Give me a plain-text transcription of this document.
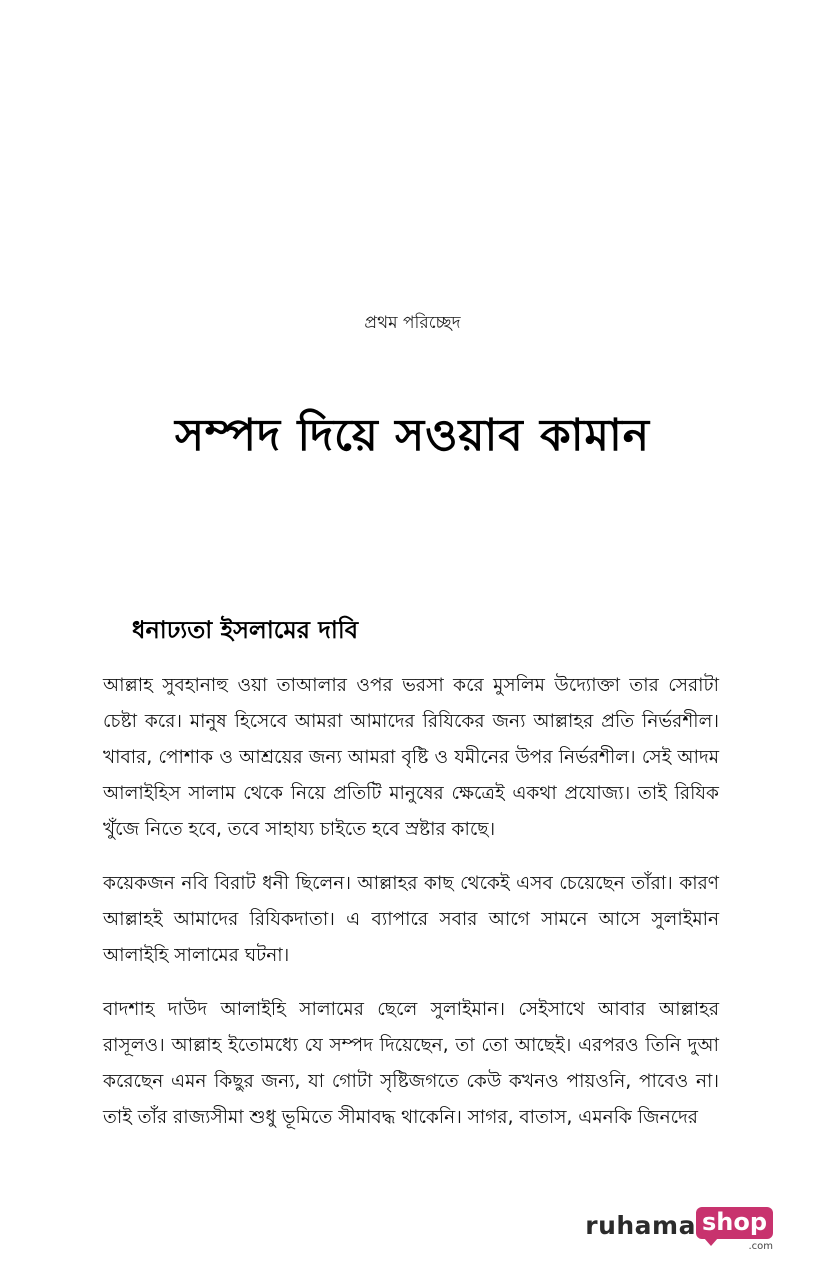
প্রথম পরিচ্ছেদ
সম্পদ দিয়ে সওয়াব কামান
ধনাঢ্যতা ইসলামের দাবি

আল্লাহ সুবহানাহু ওয়া তাআলার ওপর ভরসা করে মুসলিম উদ্যোক্তা তার সেরাটা চেষ্টা করে। মানুষ হিসেবে আমরা আমাদের রিযিকের জন্য আল্লাহর প্রতি নির্ভরশীল। খাবার, পোশাক ও আশ্রয়ের জন্য আমরা বৃষ্টি ও যমীনের উপর নির্ভরশীল। সেই আদম আলাইহিস সালাম থেকে নিয়ে প্রতিটি মানুষের ক্ষেত্রেই একথা প্রযোজ্য। তাই রিযিক খুঁজে নিতে হবে, তবে সাহায্য চাইতে হবে স্রষ্টার কাছে।

কয়েকজন নবি বিরাট ধনী ছিলেন। আল্লাহর কাছ থেকেই এসব চেয়েছেন তাঁরা। কারণ আল্লাহই আমাদের রিযিকদাতা। এ ব্যাপারে সবার আগে সামনে আসে সুলাইমান আলাইহি সালামের ঘটনা।

বাদশাহ দাউদ আলাইহি সালামের ছেলে সুলাইমান। সেইসাথে আবার আল্লাহর রাসূলও। আল্লাহ ইতোমধ্যে যে সম্পদ দিয়েছেন, তা তো আছেই। এরপরও তিনি দুআ করেছেন এমন কিছুর জন্য, যা গোটা সৃষ্টিজগতে কেউ কখনও পায়ওনি, পাবেও না। তাই তাঁর রাজ্যসীমা শুধু ভূমিতে সীমাবদ্ধ থাকেনি। সাগর, বাতাস, এমনকি জিনদের

ruhama shop
.com
